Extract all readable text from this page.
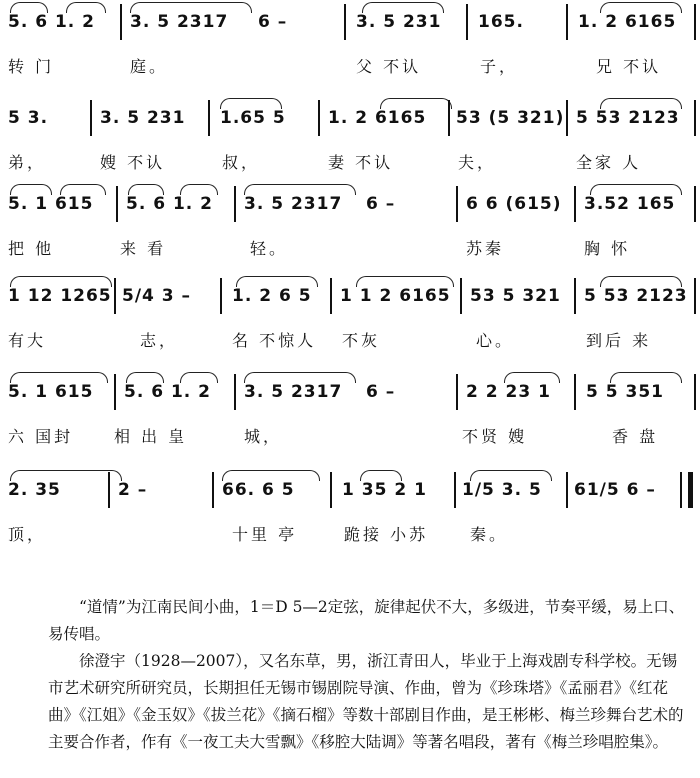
5. 6 1. 2 3. 5 2317 6 –	3. 5 231 165.	1. 2 6165
转 门	庭。	父 不认	子，	兄 不认
5 3.	3. 5 231 1.65 5 1. 2 6165 53 (5 321) 5 53 2123
弟，	嫂 不认	叔，	妻 不认	夫，	全家 人
5. 1 615 5. 6 1. 2 3. 5 2317 6 –	6 6 (615) 3.52 165
把 他	来 看	轻。	苏秦	胸 怀
1 12 1265 5/4 3 – 1. 2 6 5 1 1 2 6165 53 5 321 5 53 2123
有大	志，	名 不惊人 不灰	心。	到后 来
5. 1 615 5. 6 1. 2 3. 5 2317 6 –	2 2 23 1 5 5 351
六 国封	相 出 皇	城，	不贤 嫂	香 盘
2. 35	2 –	66. 6 5	1 35 2 1 1/5 3. 5 61/5 6 –
顶，	十里 亭	跪接 小苏	秦。

“道情”为江南民间小曲，1＝D 5—2定弦，旋律起伏不大，多级进，节奏平缓，易上口、易传唱。

徐澄宇（1928—2007），又名东草，男，浙江青田人，毕业于上海戏剧专科学校。无锡市艺术研究所研究员，长期担任无锡市锡剧院导演、作曲，曾为《珍珠塔》《孟丽君》《红花曲》《江姐》《金玉奴》《拔兰花》《摘石榴》等数十部剧目作曲，是王彬彬、梅兰珍舞台艺术的主要合作者，作有《一夜工夫大雪飘》《移腔大陆调》等著名唱段，著有《梅兰珍唱腔集》。
